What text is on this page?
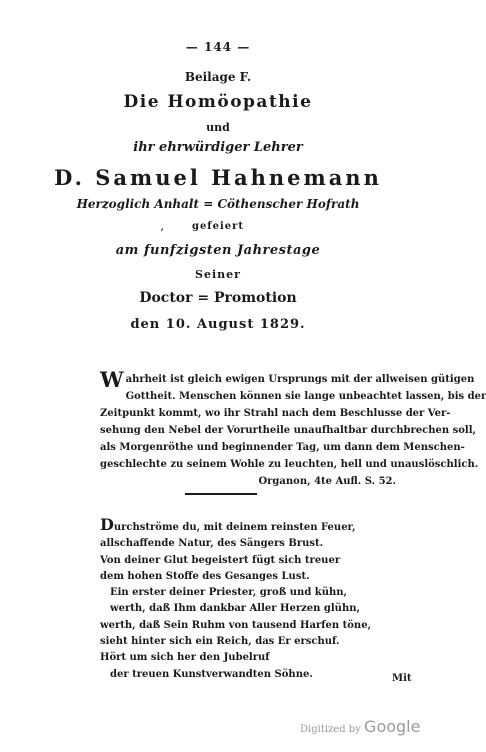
— 144 —
Beilage F.
Die Homöopathie
und
ihr ehrwürdiger Lehrer
D. Samuel Hahnemann
Herzoglich Anhalt = Cöthenscher Hofrath
gefeiert
‘
am funfzigsten Jahrestage
Seiner
Doctor = Promotion
den 10. August 1829.
W ahrheit ist gleich ewigen Ursprungs mit der allweisen gütigen
Gottheit. Menschen können sie lange unbeachtet lassen, bis der
Zeitpunkt kommt, wo ihr Strahl nach dem Beschlusse der Ver-
sehung den Nebel der Vorurtheile unaufhaltbar durchbrechen soll,
als Morgenröthe und beginnender Tag, um dann dem Menschen-
geschlechte zu seinem Wohle zu leuchten, hell und unauslöschlich.
Organon, 4te Aufl. S. 52.
Durchströme du, mit deinem reinsten Feuer,
allschaffende Natur, des Sängers Brust.
Von deiner Glut begeistert fügt sich treuer
dem hohen Stoffe des Gesanges Lust.
Ein erster deiner Priester, groß und kühn,
werth, daß Ihm dankbar Aller Herzen glühn,
werth, daß Sein Ruhm von tausend Harfen töne,
sieht hinter sich ein Reich, das Er erschuf.
Hört um sich her den Jubelruf
der treuen Kunstverwandten Söhne.	Mit
Digitized by Google
